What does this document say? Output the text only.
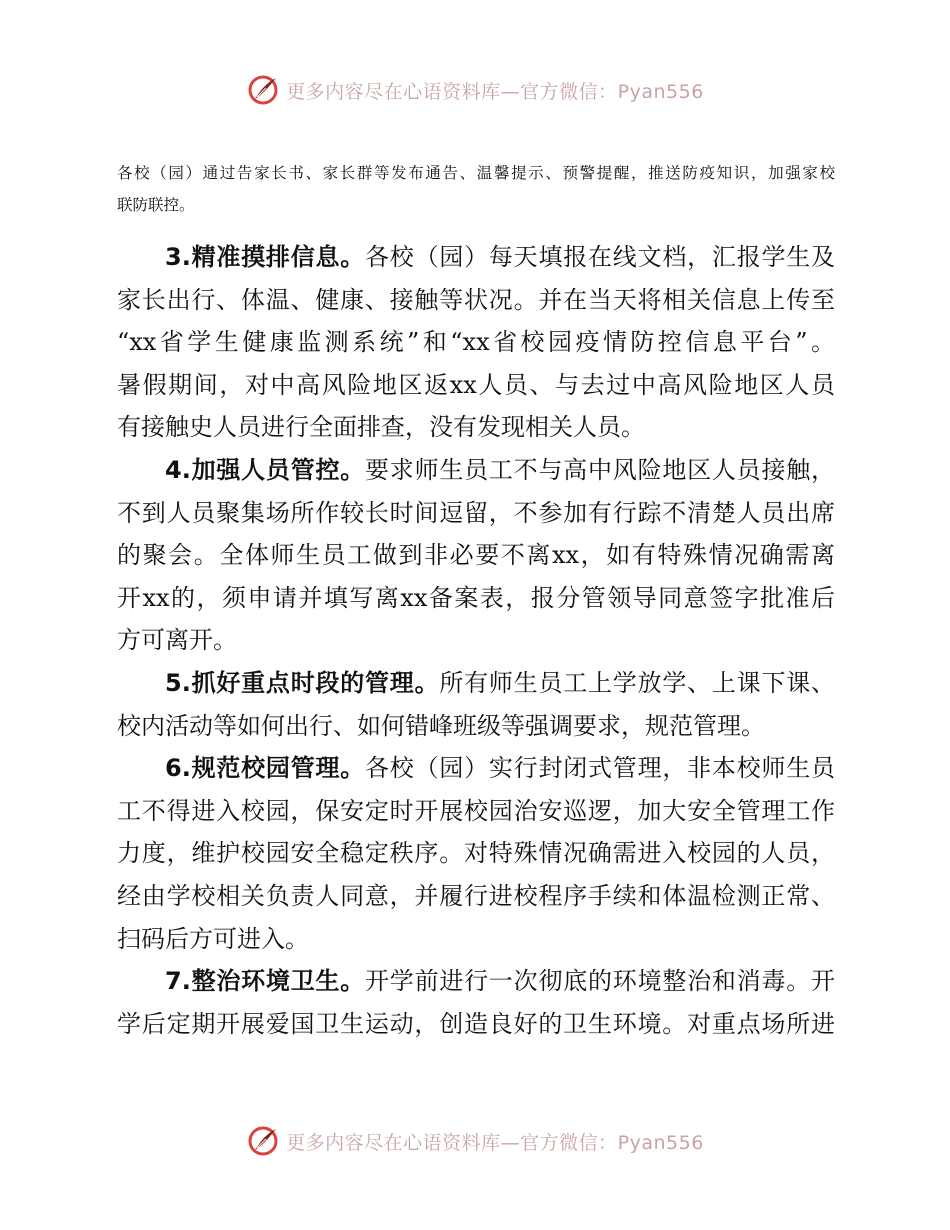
更多内容尽在心语资料库—官方微信：Pyan556
各校（园）通过告家长书、家长群等发布通告、温馨提示、预警提醒，推送防疫知识，加强家校
联防联控。
3.精准摸排信息。各校（园）每天填报在线文档，汇报学生及
家长出行、体温、健康、接触等状况。并在当天将相关信息上传至
“xx省学生健康监测系统”和“xx省校园疫情防控信息平台”。
暑假期间，对中高风险地区返xx人员、与去过中高风险地区人员
有接触史人员进行全面排查，没有发现相关人员。
4.加强人员管控。要求师生员工不与高中风险地区人员接触，
不到人员聚集场所作较长时间逗留，不参加有行踪不清楚人员出席
的聚会。全体师生员工做到非必要不离xx，如有特殊情况确需离
开xx的，须申请并填写离xx备案表，报分管领导同意签字批准后
方可离开。
5.抓好重点时段的管理。所有师生员工上学放学、上课下课、
校内活动等如何出行、如何错峰班级等强调要求，规范管理。
6.规范校园管理。各校（园）实行封闭式管理，非本校师生员
工不得进入校园，保安定时开展校园治安巡逻，加大安全管理工作
力度，维护校园安全稳定秩序。对特殊情况确需进入校园的人员，
经由学校相关负责人同意，并履行进校程序手续和体温检测正常、
扫码后方可进入。
7.整治环境卫生。开学前进行一次彻底的环境整治和消毒。开
学后定期开展爱国卫生运动，创造良好的卫生环境。对重点场所进
更多内容尽在心语资料库—官方微信：Pyan556
